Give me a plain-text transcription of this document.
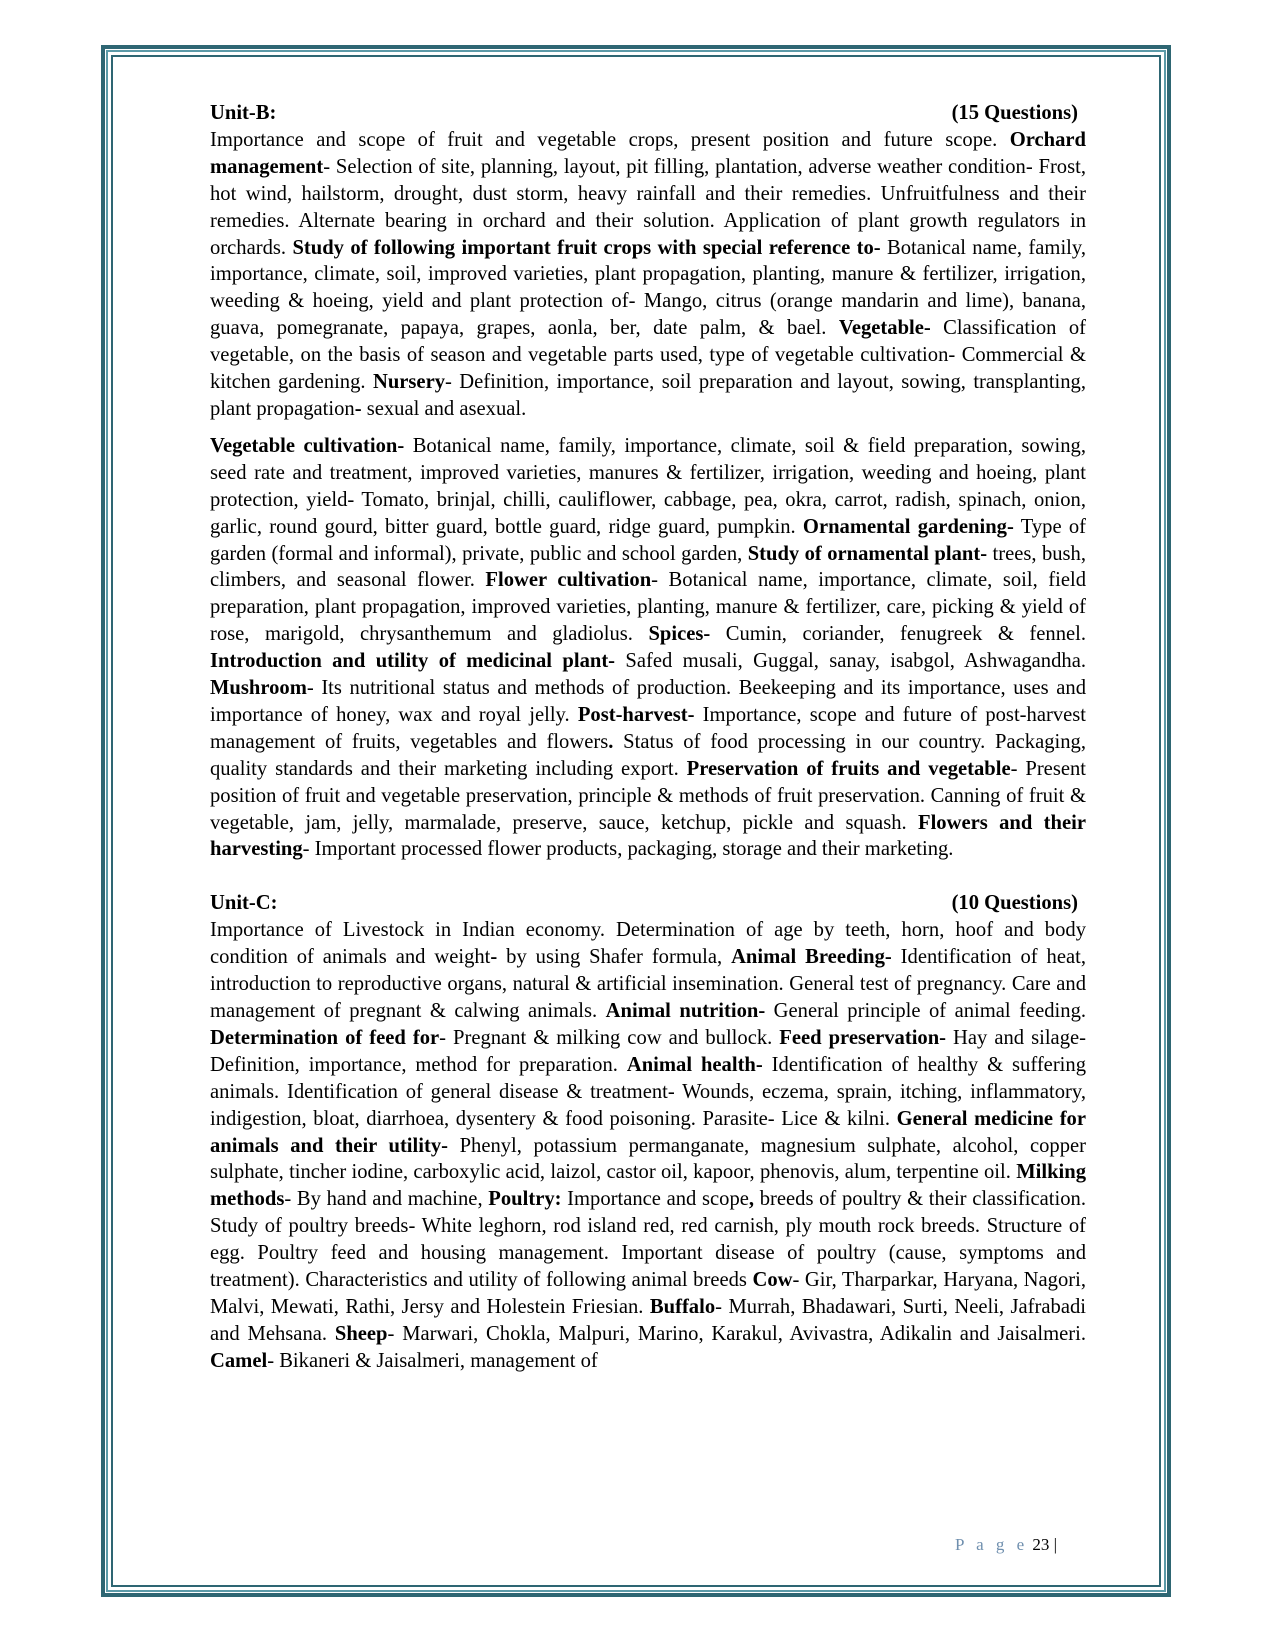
Unit-B:	(15 Questions)

Importance and scope of fruit and vegetable crops, present position and future scope. Orchard management- Selection of site, planning, layout, pit filling, plantation, adverse weather condition- Frost, hot wind, hailstorm, drought, dust storm, heavy rainfall and their remedies. Unfruitfulness and their remedies. Alternate bearing in orchard and their solution. Application of plant growth regulators in orchards. Study of following important fruit crops with special reference to- Botanical name, family, importance, climate, soil, improved varieties, plant propagation, planting, manure & fertilizer, irrigation, weeding & hoeing, yield and plant protection of- Mango, citrus (orange mandarin and lime), banana, guava, pomegranate, papaya, grapes, aonla, ber, date palm, & bael. Vegetable- Classification of vegetable, on the basis of season and vegetable parts used, type of vegetable cultivation- Commercial & kitchen gardening. Nursery- Definition, importance, soil preparation and layout, sowing, transplanting, plant propagation- sexual and asexual.

Vegetable cultivation- Botanical name, family, importance, climate, soil & field preparation, sowing, seed rate and treatment, improved varieties, manures & fertilizer, irrigation, weeding and hoeing, plant protection, yield- Tomato, brinjal, chilli, cauliflower, cabbage, pea, okra, carrot, radish, spinach, onion, garlic, round gourd, bitter guard, bottle guard, ridge guard, pumpkin. Ornamental gardening- Type of garden (formal and informal), private, public and school garden, Study of ornamental plant- trees, bush, climbers, and seasonal flower. Flower cultivation- Botanical name, importance, climate, soil, field preparation, plant propagation, improved varieties, planting, manure & fertilizer, care, picking & yield of rose, marigold, chrysanthemum and gladiolus. Spices- Cumin, coriander, fenugreek & fennel. Introduction and utility of medicinal plant- Safed musali, Guggal, sanay, isabgol, Ashwagandha. Mushroom- Its nutritional status and methods of production. Beekeeping and its importance, uses and importance of honey, wax and royal jelly. Post-harvest- Importance, scope and future of post-harvest management of fruits, vegetables and flowers. Status of food processing in our country. Packaging, quality standards and their marketing including export. Preservation of fruits and vegetable- Present position of fruit and vegetable preservation, principle & methods of fruit preservation. Canning of fruit & vegetable, jam, jelly, marmalade, preserve, sauce, ketchup, pickle and squash. Flowers and their harvesting- Important processed flower products, packaging, storage and their marketing.

Unit-C:	(10 Questions)

Importance of Livestock in Indian economy. Determination of age by teeth, horn, hoof and body condition of animals and weight- by using Shafer formula, Animal Breeding- Identification of heat, introduction to reproductive organs, natural & artificial insemination. General test of pregnancy. Care and management of pregnant & calwing animals. Animal nutrition- General principle of animal feeding. Determination of feed for- Pregnant & milking cow and bullock. Feed preservation- Hay and silage- Definition, importance, method for preparation. Animal health- Identification of healthy & suffering animals. Identification of general disease & treatment- Wounds, eczema, sprain, itching, inflammatory, indigestion, bloat, diarrhoea, dysentery & food poisoning. Parasite- Lice & kilni. General medicine for animals and their utility- Phenyl, potassium permanganate, magnesium sulphate, alcohol, copper sulphate, tincher iodine, carboxylic acid, laizol, castor oil, kapoor, phenovis, alum, terpentine oil. Milking methods- By hand and machine, Poultry: Importance and scope, breeds of poultry & their classification. Study of poultry breeds- White leghorn, rod island red, red carnish, ply mouth rock breeds. Structure of egg. Poultry feed and housing management. Important disease of poultry (cause, symptoms and treatment). Characteristics and utility of following animal breeds Cow- Gir, Tharparkar, Haryana, Nagori, Malvi, Mewati, Rathi, Jersy and Holestein Friesian. Buffalo- Murrah, Bhadawari, Surti, Neeli, Jafrabadi and Mehsana. Sheep- Marwari, Chokla, Malpuri, Marino, Karakul, Avivastra, Adikalin and Jaisalmeri. Camel- Bikaneri & Jaisalmeri, management of

P a g e 23 |
